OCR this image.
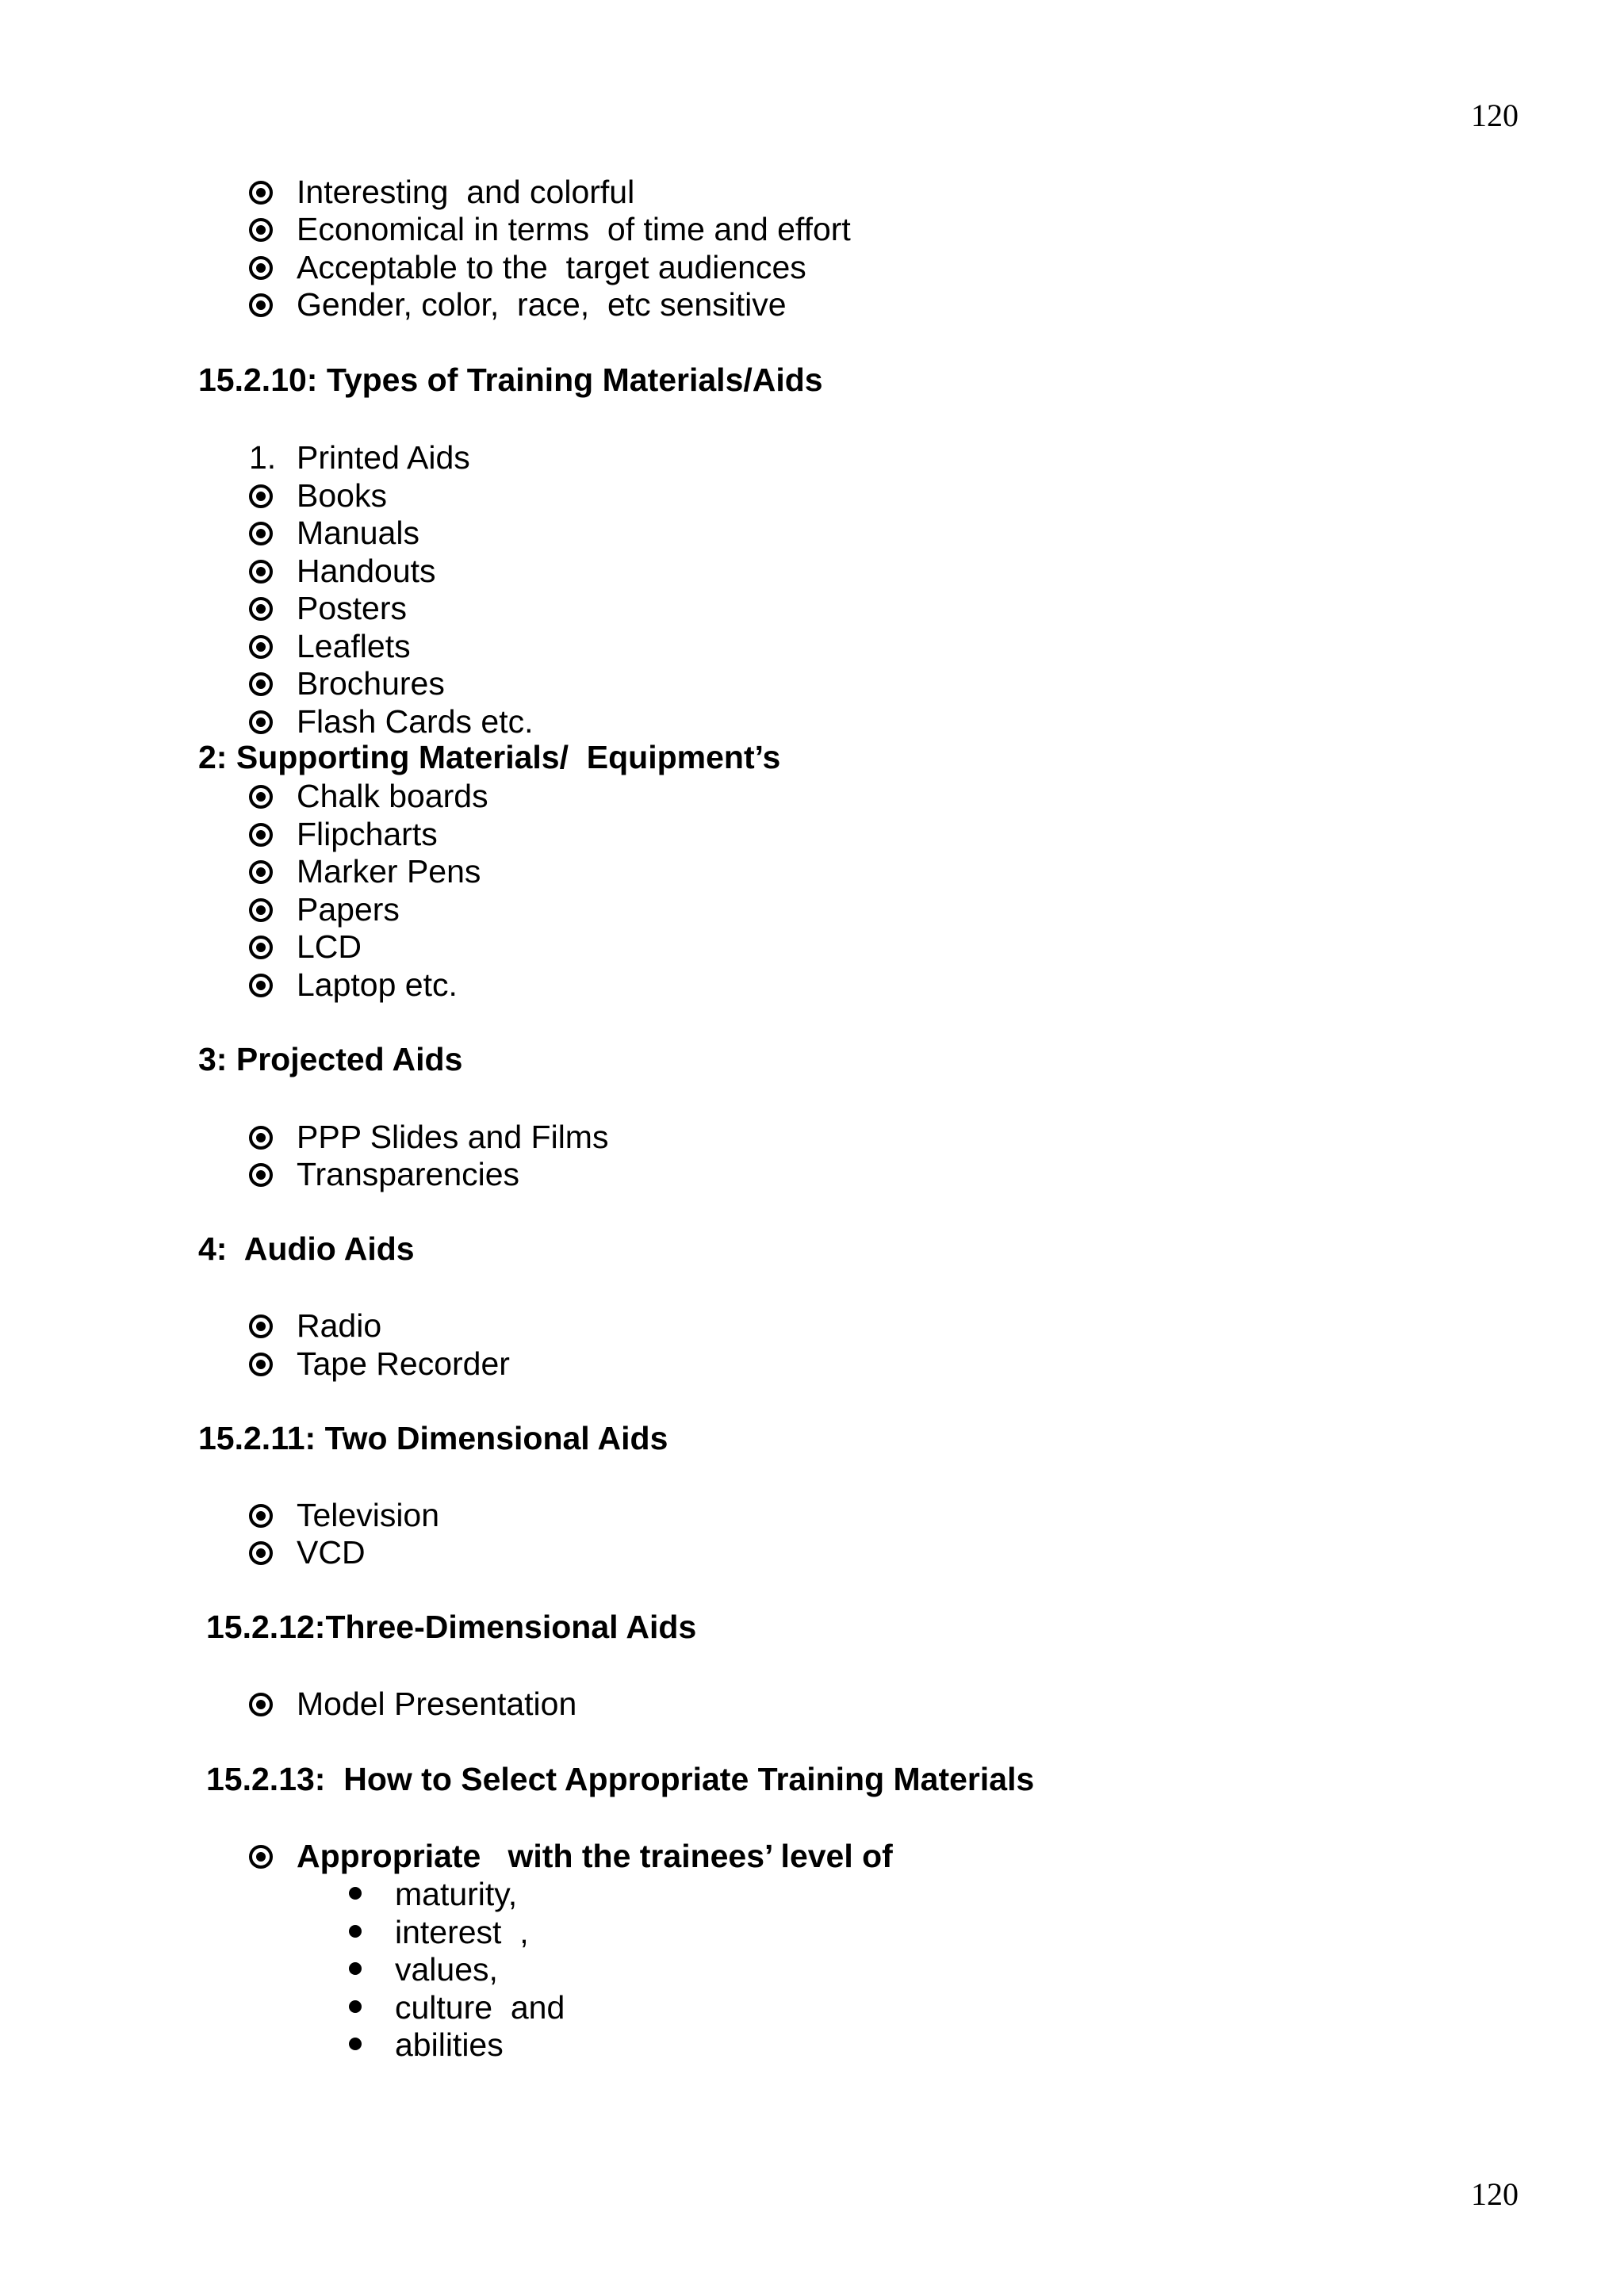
120
Interesting  and colorful
Economical in terms  of time and effort
Acceptable to the  target audiences
Gender, color,  race,  etc sensitive
15.2.10: Types of Training Materials/Aids
1. Printed Aids
Books
Manuals
Handouts
Posters
Leaflets
Brochures
Flash Cards etc.
2: Supporting Materials/  Equipment’s
Chalk boards
Flipcharts
Marker Pens
Papers
LCD
Laptop etc.
3: Projected Aids
PPP Slides and Films
Transparencies
4:  Audio Aids
Radio
Tape Recorder
15.2.11: Two Dimensional Aids
Television
VCD
15.2.12:Three-Dimensional Aids
Model Presentation
15.2.13:  How to Select Appropriate Training Materials
Appropriate   with the trainees’ level of
maturity,
interest  ,
values,
culture  and
abilities
120
